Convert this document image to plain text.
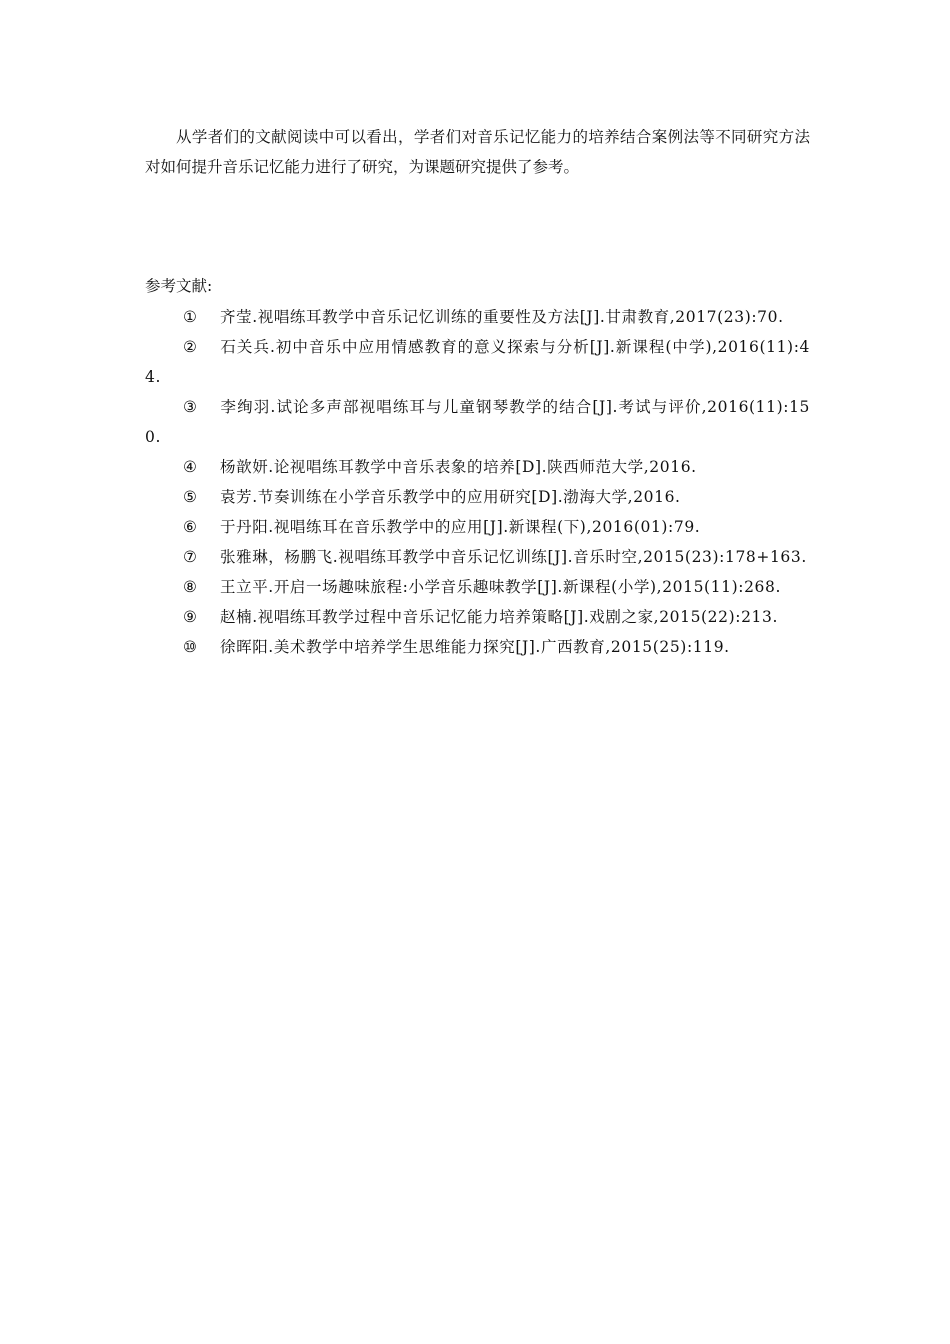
从学者们的文献阅读中可以看出，学者们对音乐记忆能力的培养结合案例法等不同研究方法对如何提升音乐记忆能力进行了研究，为课题研究提供了参考。

参考文献:
① 齐莹.视唱练耳教学中音乐记忆训练的重要性及方法[J].甘肃教育,2017(23):70.
② 石关兵.初中音乐中应用情感教育的意义探索与分析[J].新课程(中学),2016(11):44.
③ 李绚羽.试论多声部视唱练耳与儿童钢琴教学的结合[J].考试与评价,2016(11):150.
④ 杨歆妍.论视唱练耳教学中音乐表象的培养[D].陕西师范大学,2016.
⑤ 袁芳.节奏训练在小学音乐教学中的应用研究[D].渤海大学,2016.
⑥ 于丹阳.视唱练耳在音乐教学中的应用[J].新课程(下),2016(01):79.
⑦ 张雅琳，杨鹏飞.视唱练耳教学中音乐记忆训练[J].音乐时空,2015(23):178+163.
⑧ 王立平.开启一场趣味旅程:小学音乐趣味教学[J].新课程(小学),2015(11):268.
⑨ 赵楠.视唱练耳教学过程中音乐记忆能力培养策略[J].戏剧之家,2015(22):213.
⑩ 徐晖阳.美术教学中培养学生思维能力探究[J].广西教育,2015(25):119.
